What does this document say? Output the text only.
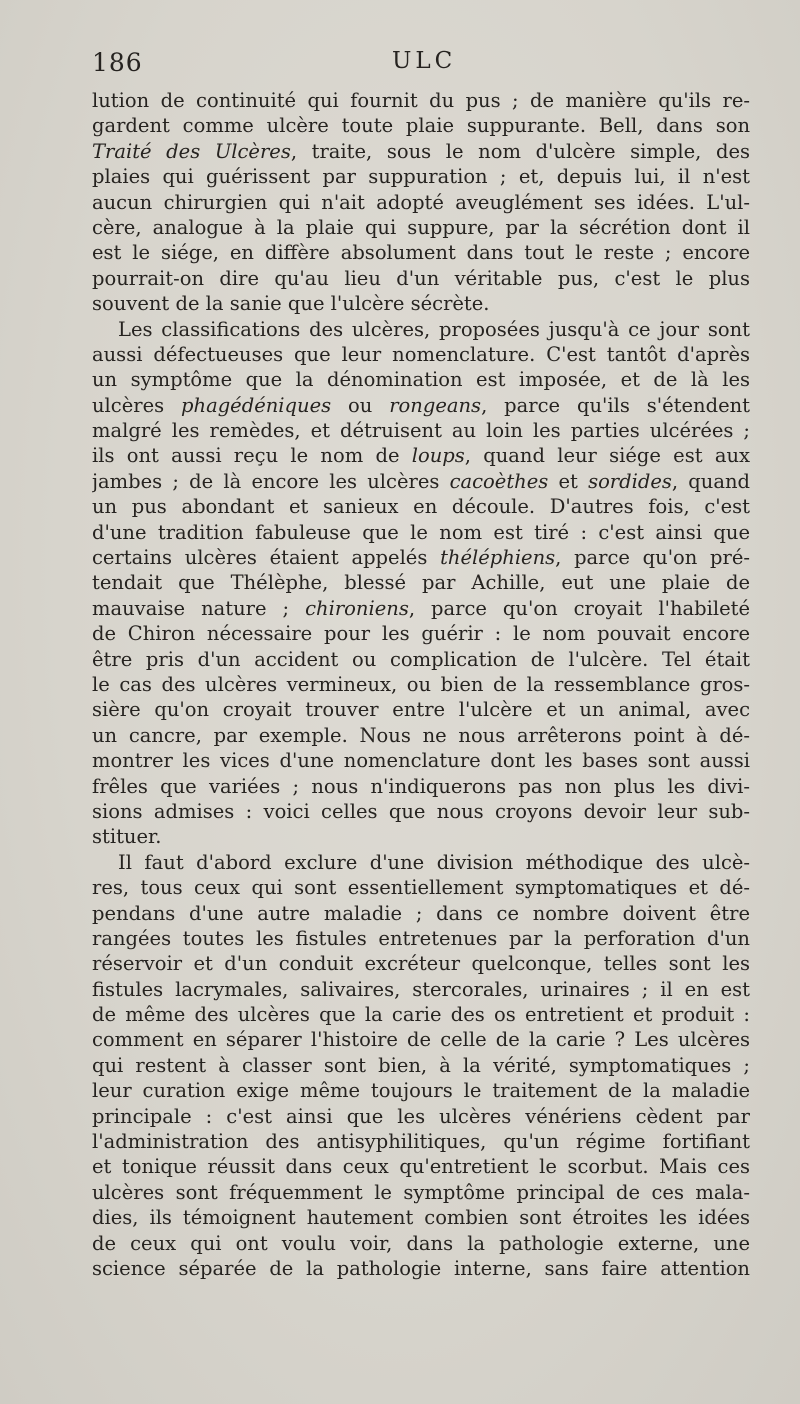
186	ULC
lution de continuité qui fournit du pus ; de manière qu'ils re-
gardent comme ulcère toute plaie suppurante. Bell, dans son
Traité des Ulcères, traite, sous le nom d'ulcère simple, des
plaies qui guérissent par suppuration ; et, depuis lui, il n'est
aucun chirurgien qui n'ait adopté aveuglément ses idées. L'ul-
cère, analogue à la plaie qui suppure, par la sécrétion dont il
est le siége, en diffère absolument dans tout le reste ; encore
pourrait-on dire qu'au lieu d'un véritable pus, c'est le plus
souvent de la sanie que l'ulcère sécrète.
Les classifications des ulcères, proposées jusqu'à ce jour sont
aussi défectueuses que leur nomenclature. C'est tantôt d'après
un symptôme que la dénomination est imposée, et de là les
ulcères phagédéniques ou rongeans, parce qu'ils s'étendent
malgré les remèdes, et détruisent au loin les parties ulcérées ;
ils ont aussi reçu le nom de loups, quand leur siége est aux
jambes ; de là encore les ulcères cacoèthes et sordides, quand
un pus abondant et sanieux en découle. D'autres fois, c'est
d'une tradition fabuleuse que le nom est tiré : c'est ainsi que
certains ulcères étaient appelés théléphiens, parce qu'on pré-
tendait que Thélèphe, blessé par Achille, eut une plaie de
mauvaise nature ; chironiens, parce qu'on croyait l'habileté
de Chiron nécessaire pour les guérir : le nom pouvait encore
être pris d'un accident ou complication de l'ulcère. Tel était
le cas des ulcères vermineux, ou bien de la ressemblance gros-
sière qu'on croyait trouver entre l'ulcère et un animal, avec
un cancre, par exemple. Nous ne nous arrêterons point à dé-
montrer les vices d'une nomenclature dont les bases sont aussi
frêles que variées ; nous n'indiquerons pas non plus les divi-
sions admises : voici celles que nous croyons devoir leur sub-
stituer.
Il faut d'abord exclure d'une division méthodique des ulcè-
res, tous ceux qui sont essentiellement symptomatiques et dé-
pendans d'une autre maladie ; dans ce nombre doivent être
rangées toutes les fistules entretenues par la perforation d'un
réservoir et d'un conduit excréteur quelconque, telles sont les
fistules lacrymales, salivaires, stercorales, urinaires ; il en est
de même des ulcères que la carie des os entretient et produit :
comment en séparer l'histoire de celle de la carie ? Les ulcères
qui restent à classer sont bien, à la vérité, symptomatiques ;
leur curation exige même toujours le traitement de la maladie
principale : c'est ainsi que les ulcères vénériens cèdent par
l'administration des antisyphilitiques, qu'un régime fortifiant
et tonique réussit dans ceux qu'entretient le scorbut. Mais ces
ulcères sont fréquemment le symptôme principal de ces mala-
dies, ils témoignent hautement combien sont étroites les idées
de ceux qui ont voulu voir, dans la pathologie externe, une
science séparée de la pathologie interne, sans faire attention
